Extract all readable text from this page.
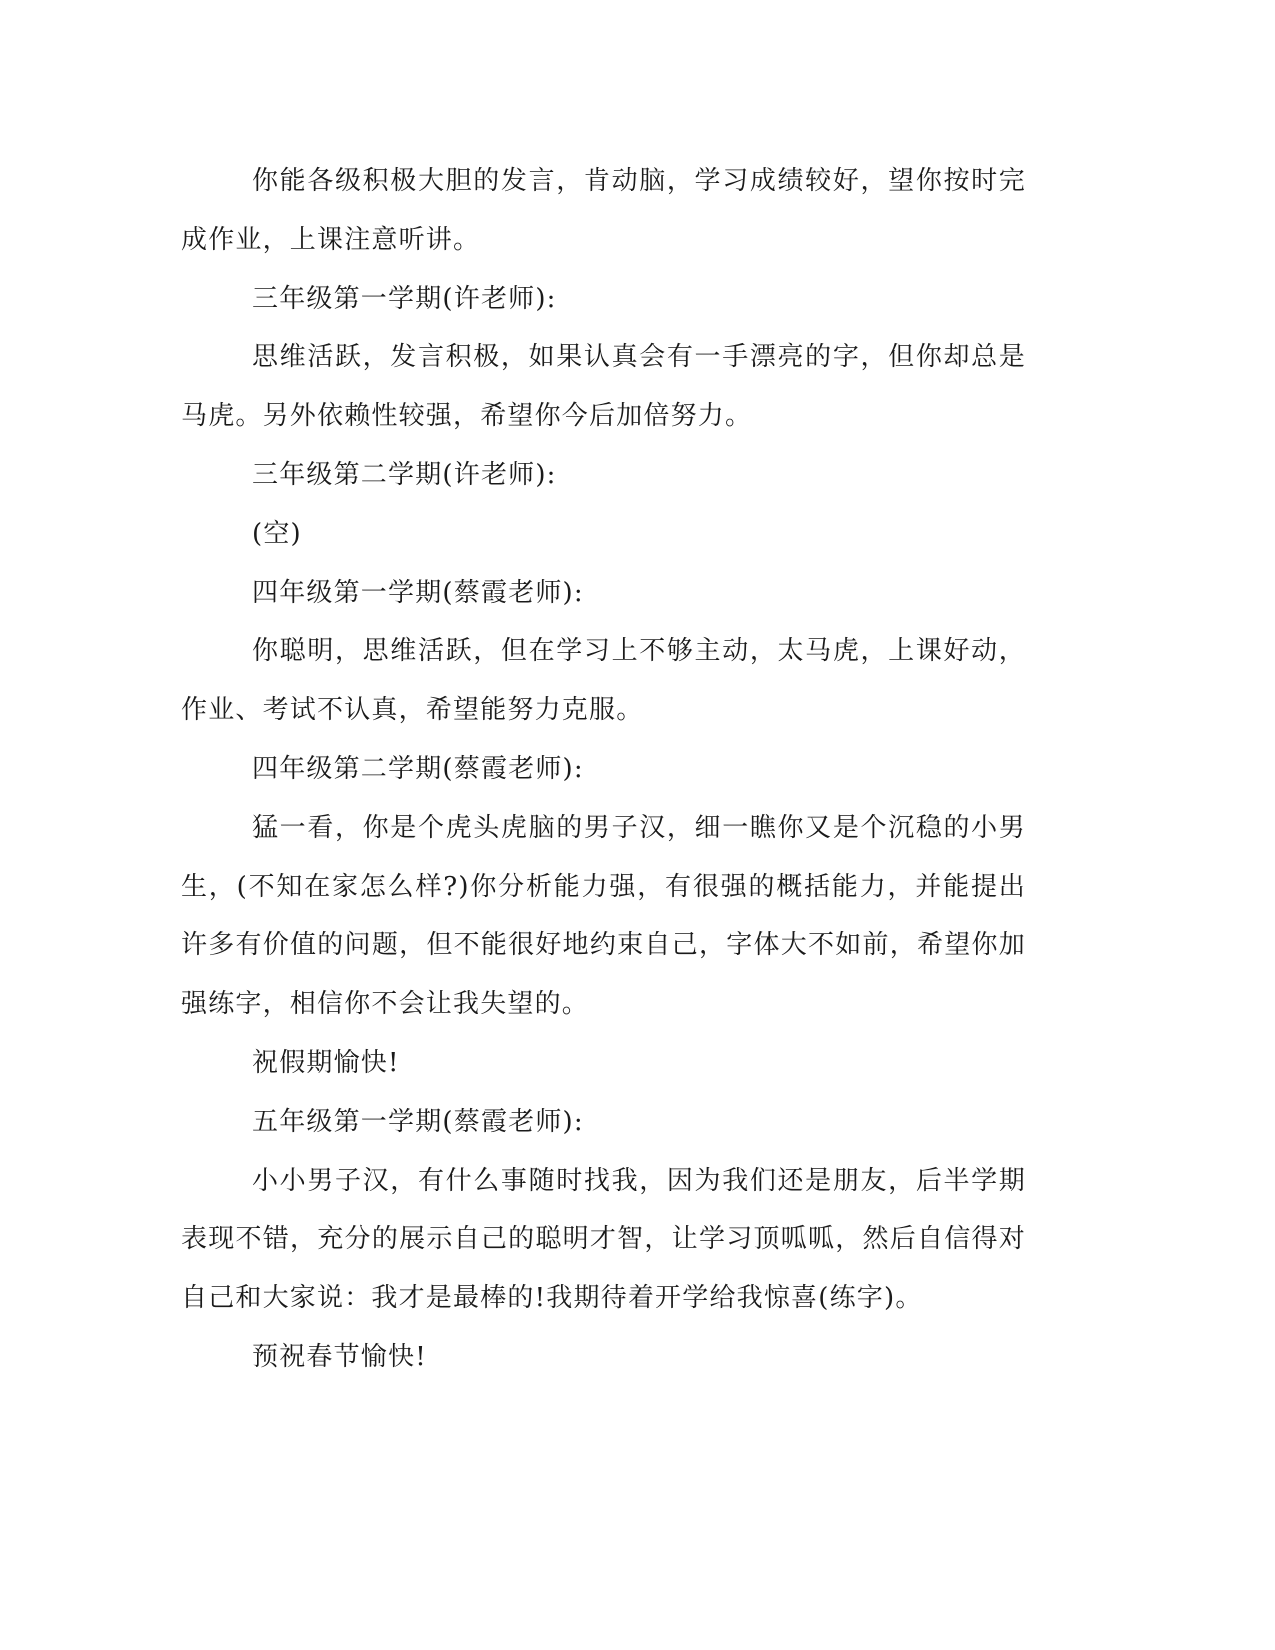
你能各级积极大胆的发言，肯动脑，学习成绩较好，望你按时完成作业，上课注意听讲。

三年级第一学期(许老师):

思维活跃，发言积极，如果认真会有一手漂亮的字，但你却总是马虎。另外依赖性较强，希望你今后加倍努力。

三年级第二学期(许老师):

(空)

四年级第一学期(蔡霞老师):

你聪明，思维活跃，但在学习上不够主动，太马虎，上课好动，作业、考试不认真，希望能努力克服。

四年级第二学期(蔡霞老师):

猛一看，你是个虎头虎脑的男子汉，细一瞧你又是个沉稳的小男生，(不知在家怎么样?)你分析能力强，有很强的概括能力，并能提出许多有价值的问题，但不能很好地约束自己，字体大不如前，希望你加强练字，相信你不会让我失望的。

祝假期愉快!

五年级第一学期(蔡霞老师):

小小男子汉，有什么事随时找我，因为我们还是朋友，后半学期表现不错，充分的展示自己的聪明才智，让学习顶呱呱，然后自信得对自己和大家说：我才是最棒的!我期待着开学给我惊喜(练字)。

预祝春节愉快!
